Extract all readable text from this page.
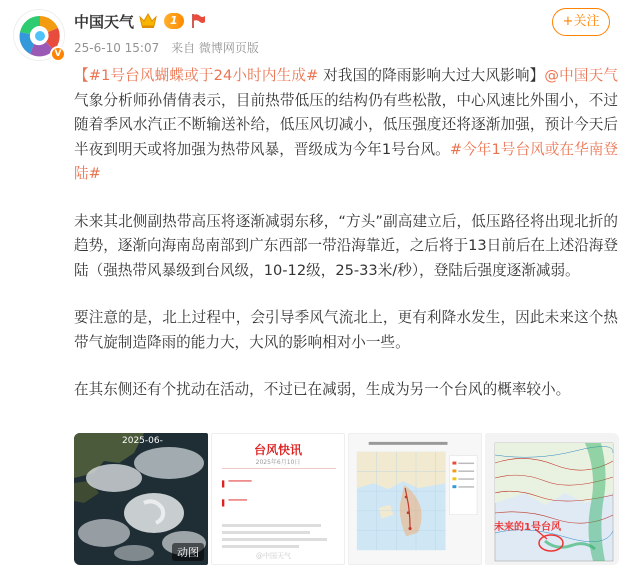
V
中国天气	1
25-6-10 15:07 来自 微博网页版
+关注

【#1号台风蝴蝶或于24小时内生成# 对我国的降雨影响大过大风影响】@中国天气 气象分析师孙倩倩表示，目前热带低压的结构仍有些松散，中心风速比外围小，不过随着季风水汽正不断输送补给，低压风切减小，低压强度还将逐渐加强，预计今天后半夜到明天或将加强为热带风暴，晋级成为今年1号台风。#今年1号台风或在华南登陆#

未来其北侧副热带高压将逐渐减弱东移，“方头”副高建立后，低压路径将出现北折的趋势，逐渐向海南岛南部到广东西部一带沿海靠近，之后将于13日前后在上述沿海登陆（强热带风暴级到台风级，10-12级，25-33米/秒），登陆后强度逐渐减弱。

要注意的是，北上过程中，会引导季风气流北上，更有利降水发生，因此未来这个热带气旋制造降雨的能力大，大风的影响相对小一些。

在其东侧还有个扰动在活动，不过已在减弱，生成为另一个台风的概率较小。

2025-06-
动图
台风快讯
2025年6月10日
▌ ▔▔▔▔▔
▌ ▔▔▔▔
@中国天气
未来的1号台风
